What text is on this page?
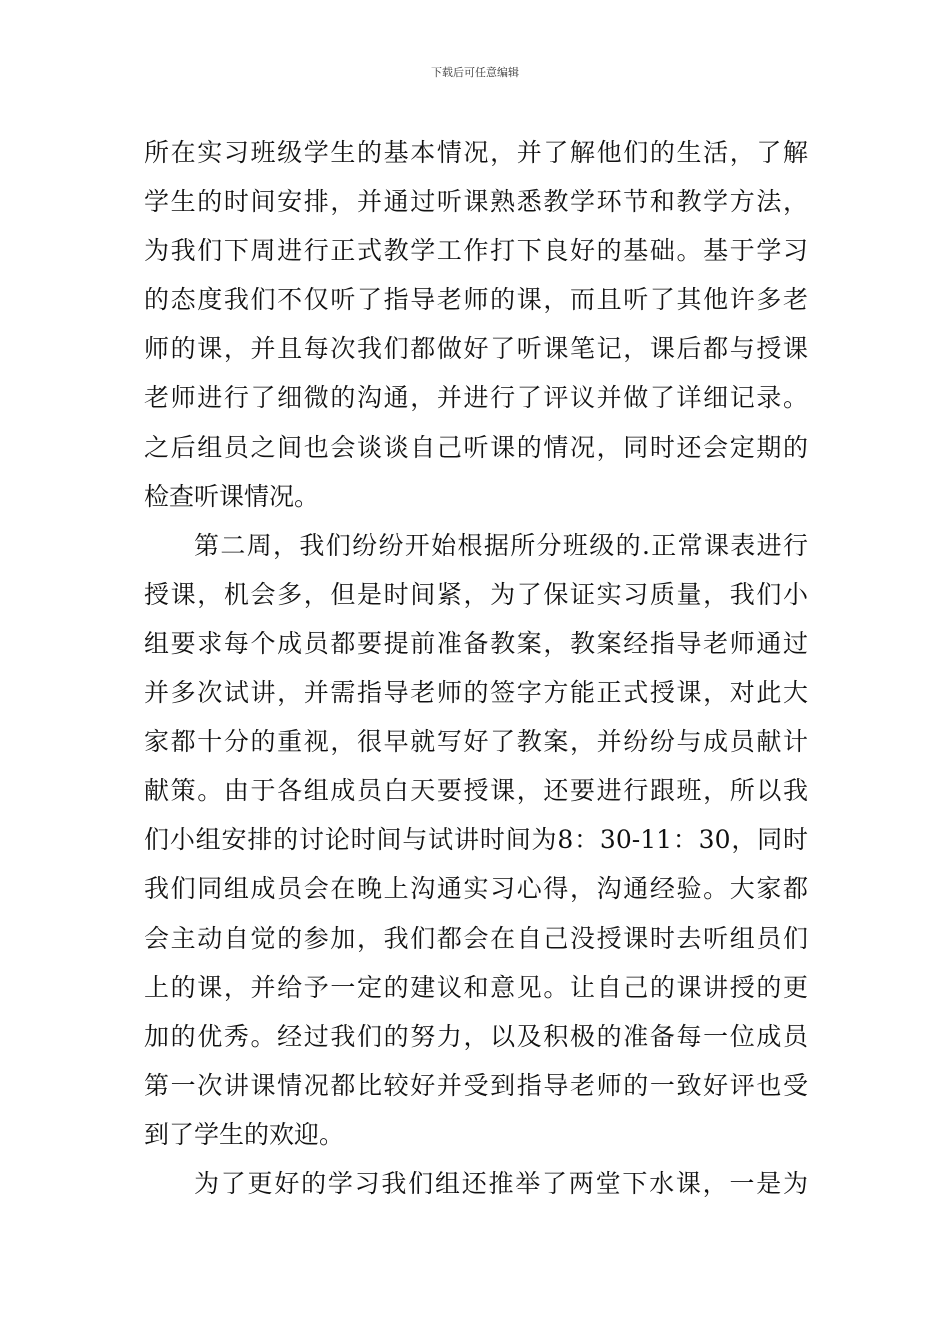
下载后可任意编辑
所在实习班级学生的基本情况，并了解他们的生活，了解
学生的时间安排，并通过听课熟悉教学环节和教学方法，
为我们下周进行正式教学工作打下良好的基础。基于学习
的态度我们不仅听了指导老师的课，而且听了其他许多老
师的课，并且每次我们都做好了听课笔记，课后都与授课
老师进行了细微的沟通，并进行了评议并做了详细记录。
之后组员之间也会谈谈自己听课的情况，同时还会定期的
检查听课情况。
第二周，我们纷纷开始根据所分班级的.正常课表进行
授课，机会多，但是时间紧，为了保证实习质量，我们小
组要求每个成员都要提前准备教案，教案经指导老师通过
并多次试讲，并需指导老师的签字方能正式授课，对此大
家都十分的重视，很早就写好了教案，并纷纷与成员献计
献策。由于各组成员白天要授课，还要进行跟班，所以我
们小组安排的讨论时间与试讲时间为8：30-11：30，同时
我们同组成员会在晚上沟通实习心得，沟通经验。大家都
会主动自觉的参加，我们都会在自己没授课时去听组员们
上的课，并给予一定的建议和意见。让自己的课讲授的更
加的优秀。经过我们的努力，以及积极的准备每一位成员
第一次讲课情况都比较好并受到指导老师的一致好评也受
到了学生的欢迎。
为了更好的学习我们组还推举了两堂下水课，一是为
